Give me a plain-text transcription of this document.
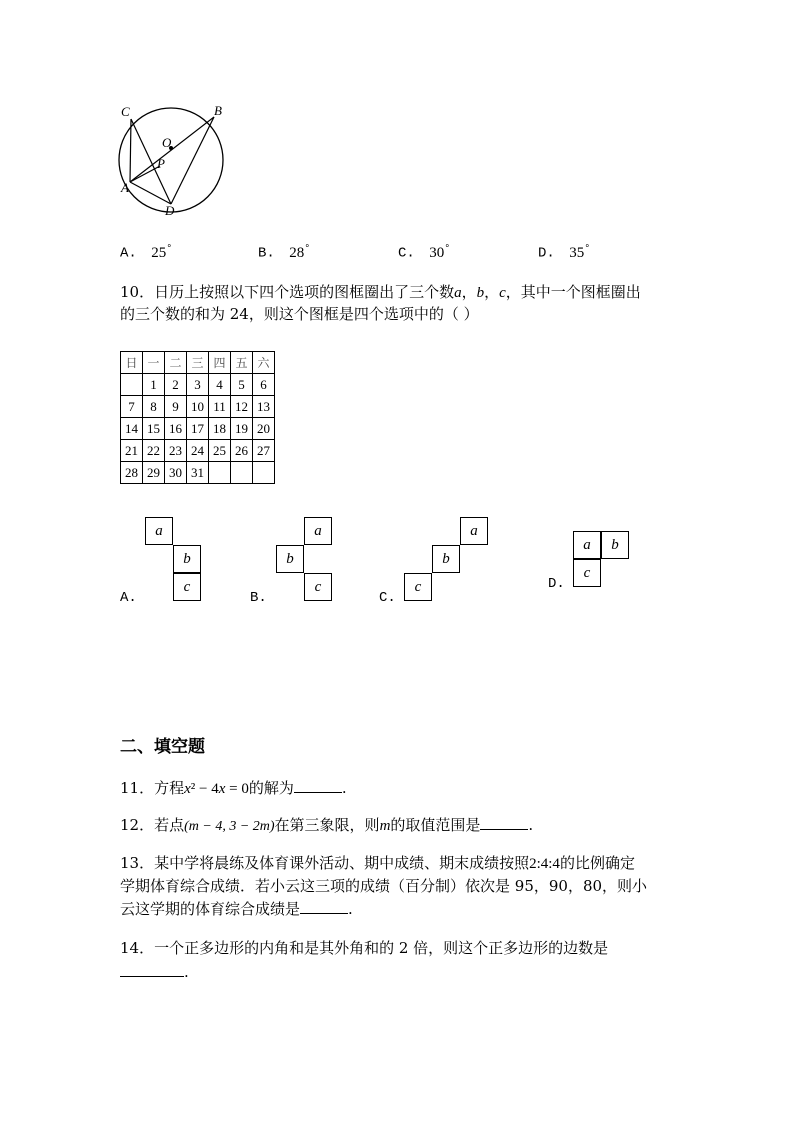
C	B
O
P
A
D
A. 25°	B. 28°	C. 30°	D. 35°
10．日历上按照以下四个选项的图框圈出了三个数a，b，c，其中一个图框圈出
的三个数的和为 24，则这个图框是四个选项中的（ ）
日	一	二	三	四	五	六
	1	2	3	4	5	6
7	8	9	10	11	12	13
14	15	16	17	18	19	20
21	22	23	24	25	26	27
28	29	30	31			
a
b
c
A.
a
b
c
B.
a
b
c
C.
a	b
c
D.
二、填空题
11．方程x² − 4x = 0的解为	.
12．若点(m − 4, 3 − 2m)在第三象限，则m的取值范围是	.
13．某中学将晨练及体育课外活动、期中成绩、期末成绩按照2:4:4的比例确定
学期体育综合成绩．若小云这三项的成绩（百分制）依次是 95，90，80，则小
云这学期的体育综合成绩是	.
14．一个正多边形的内角和是其外角和的 2 倍，则这个正多边形的边数是
.
